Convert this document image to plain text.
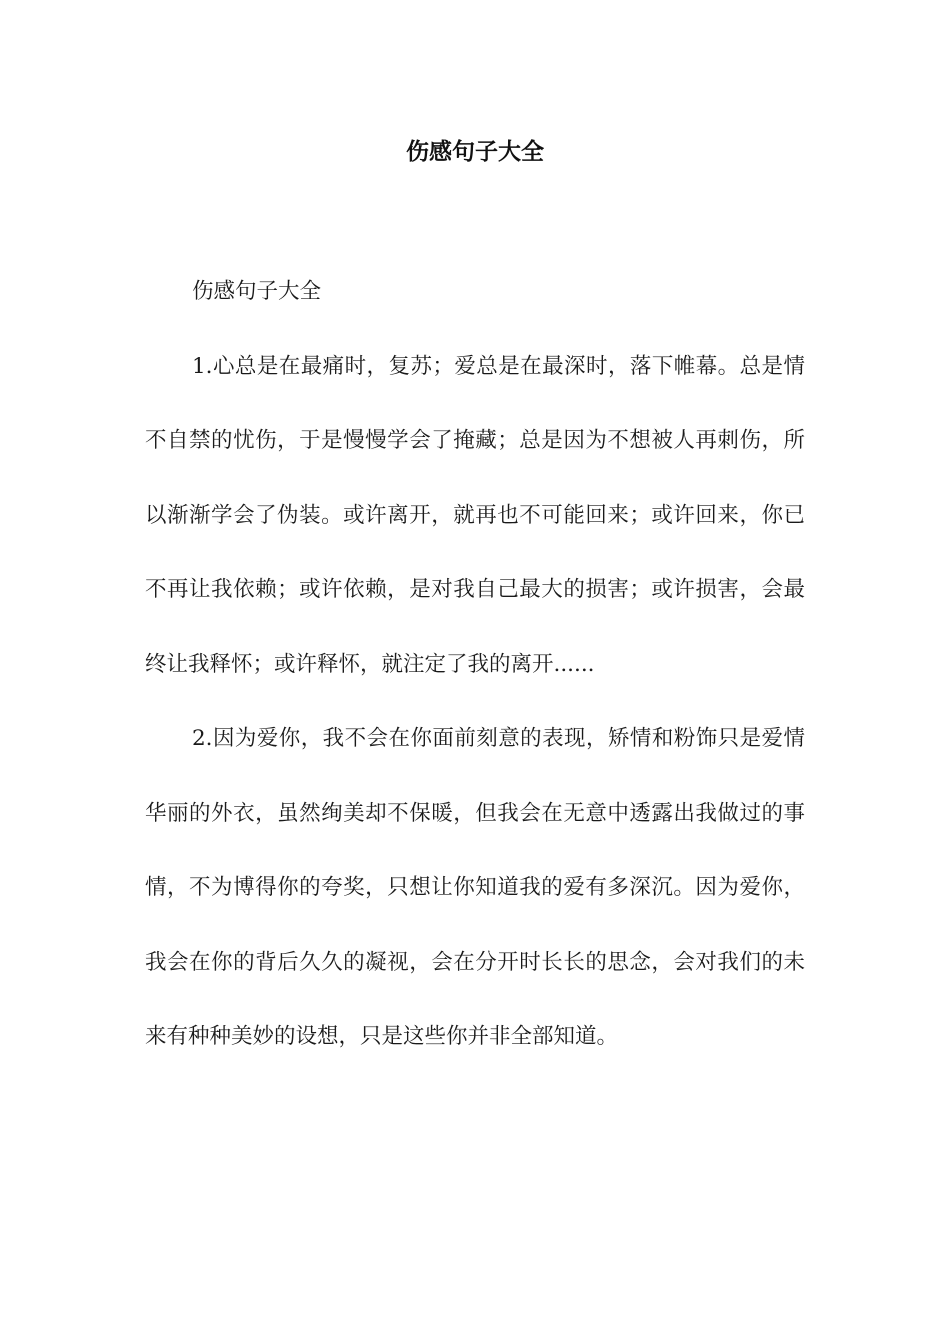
伤感句子大全

伤感句子大全

1.心总是在最痛时，复苏；爱总是在最深时，落下帷幕。总是情不自禁的忧伤，于是慢慢学会了掩藏；总是因为不想被人再刺伤，所以渐渐学会了伪装。或许离开，就再也不可能回来；或许回来，你已不再让我依赖；或许依赖，是对我自己最大的损害；或许损害，会最终让我释怀；或许释怀，就注定了我的离开......

2.因为爱你，我不会在你面前刻意的表现，矫情和粉饰只是爱情华丽的外衣，虽然绚美却不保暖，但我会在无意中透露出我做过的事情，不为博得你的夸奖，只想让你知道我的爱有多深沉。因为爱你，我会在你的背后久久的凝视，会在分开时长长的思念，会对我们的未来有种种美妙的设想，只是这些你并非全部知道。
